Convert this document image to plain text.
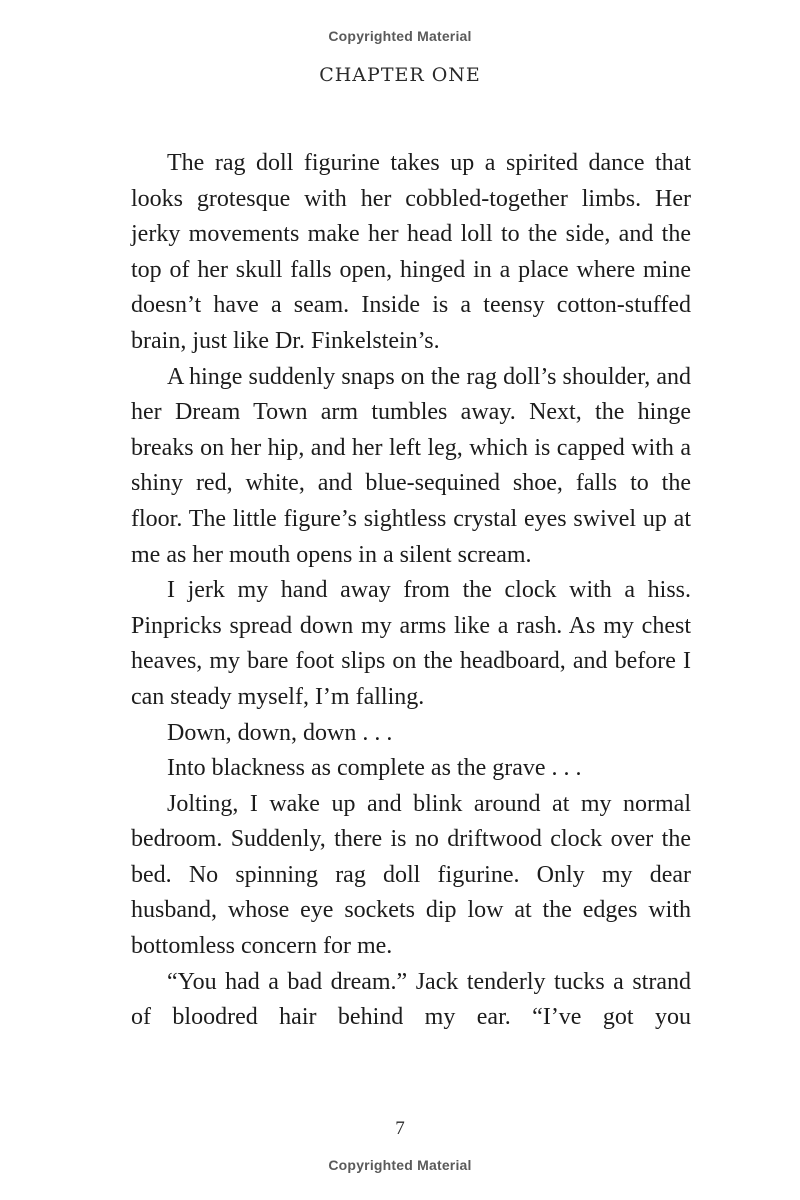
Copyrighted Material
CHAPTER ONE

The rag doll figurine takes up a spirited dance that looks grotesque with her cobbled-together limbs. Her jerky movements make her head loll to the side, and the top of her skull falls open, hinged in a place where mine doesn’t have a seam. Inside is a teensy cotton-stuffed brain, just like Dr. Finkelstein’s.

A hinge suddenly snaps on the rag doll’s shoulder, and her Dream Town arm tumbles away. Next, the hinge breaks on her hip, and her left leg, which is capped with a shiny red, white, and blue-sequined shoe, falls to the floor. The little figure’s sightless crystal eyes swivel up at me as her mouth opens in a silent scream.

I jerk my hand away from the clock with a hiss. Pinpricks spread down my arms like a rash. As my chest heaves, my bare foot slips on the headboard, and before I can steady myself, I’m falling.

Down, down, down . . .

Into blackness as complete as the grave . . .

Jolting, I wake up and blink around at my normal bedroom. Suddenly, there is no driftwood clock over the bed. No spinning rag doll figurine. Only my dear husband, whose eye sockets dip low at the edges with bottomless concern for me.

“You had a bad dream.” Jack tenderly tucks a strand of bloodred hair behind my ear. “I’ve got you

7
Copyrighted Material
